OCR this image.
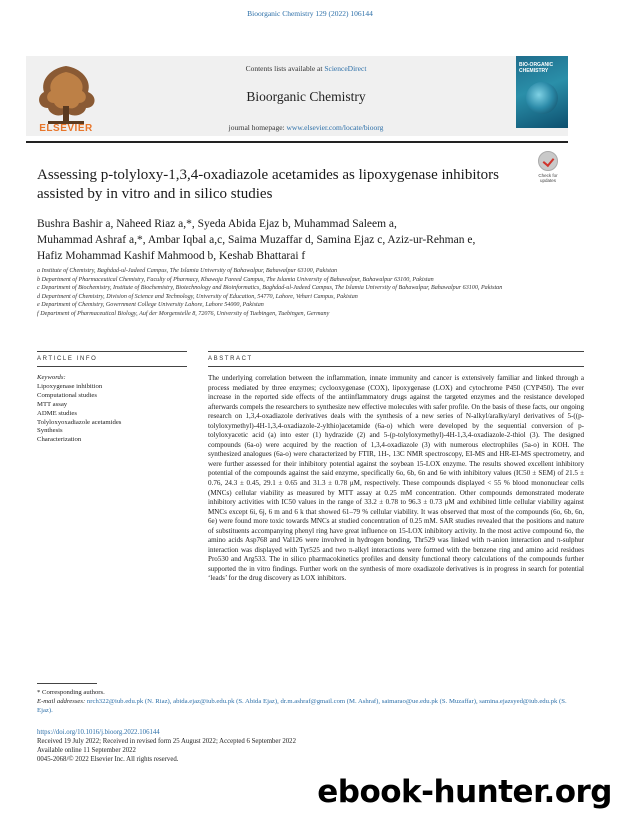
Bioorganic Chemistry 129 (2022) 106144
ELSEVIER
Contents lists available at ScienceDirect
Bioorganic Chemistry
journal homepage: www.elsevier.com/locate/bioorg
BIO-ORGANIC CHEMISTRY
Check for updates
Assessing p-tolyloxy-1,3,4-oxadiazole acetamides as lipoxygenase inhibitors assisted by in vitro and in silico studies
Bushra Bashir a, Naheed Riaz a,*, Syeda Abida Ejaz b, Muhammad Saleem a,
Muhammad Ashraf a,*, Ambar Iqbal a,c, Saima Muzaffar d, Samina Ejaz c, Aziz-ur-Rehman e,
Hafiz Mohammad Kashif Mahmood b, Keshab Bhattarai f
a Institute of Chemistry, Baghdad-ul-Jadeed Campus, The Islamia University of Bahawalpur, Bahawalpur 63100, Pakistan
b Department of Pharmaceutical Chemistry, Faculty of Pharmacy, Khawaja Fareed Campus, The Islamia University of Bahawalpur, Bahawalpur 63100, Pakistan
c Department of Biochemistry, Institute of Biochemistry, Biotechnology and Bioinformatics, Baghdad-ul-Jadeed Campus, The Islamia University of Bahawalpur, Bahawalpur 63100, Pakistan
d Department of Chemistry, Division of Science and Technology, University of Education, 54770, Lahore, Vehari Campus, Pakistan
e Department of Chemistry, Government College University Lahore, Lahore 54000, Pakistan
f Department of Pharmaceutical Biology, Auf der Morgenstelle 8, 72076, University of Tuebingen, Tuebingen, Germany
ARTICLE INFO	ABSTRACT
Keywords:
Lipoxygenase inhibition
Computational studies
MTT assay
ADME studies
Tolyloxyoxadiazole acetamides
Synthesis
Characterization
The underlying correlation between the inflammation, innate immunity and cancer is extensively familiar and linked through a process mediated by three enzymes; cyclooxygenase (COX), lipoxygenase (LOX) and cytochrome P450 (CYP450). The ever increase in the reported side effects of the antiinflammatory drugs against the targeted enzymes and the resistance developed afterwards compels the researchers to synthesize new effective molecules with safer profile. On the basis of these facts, our ongoing research on 1,3,4-oxadiazole derivatives deals with the synthesis of a new series of N-alkyl/aralky/aryl derivatives of 5-((p-tolyloxymethyl)-4H-1,3,4-oxadiazole-2-ylthio)acetamide (6a-o) which were developed by the sequential conversion of p-tolyloxyacetic acid (a) into ester (1) hydrazide (2) and 5-(p-tolyloxymethyl)-4H-1,3,4-oxadiazole-2-thiol (3). The designed compounds (6a-o) were acquired by the reaction of 1,3,4-oxadiazole (3) with numerous electrophiles (5a-o) in KOH. The synthesized analogues (6a-o) were characterized by FTIR, 1H-, 13C NMR spectroscopy, EI-MS and HR-EI-MS spectrometry, and were further assessed for their inhibitory potential against the soybean 15-LOX enzyme. The results showed excellent inhibitory potential of the compounds against the said enzyme, specifically 6o, 6b, 6n and 6e with inhibitory values (IC50 ± SEM) of 21.5 ± 0.76, 24.3 ± 0.45, 29.1 ± 0.65 and 31.3 ± 0.78 μM, respectively. These compounds displayed < 55 % blood mononuclear cells (MNCs) cellular viability as measured by MTT assay at 0.25 mM concentration. Other compounds demonstrated moderate inhibitory activities with IC50 values in the range of 33.2 ± 0.78 to 96.3 ± 0.73 μM and exhibited little cellular viability against MNCs except 6i, 6j, 6 m and 6 k that showed 61–79 % cellular viability. It was observed that most of the compounds (6o, 6b, 6n, 6e) were found more toxic towards MNCs at studied concentration of 0.25 mM. SAR studies revealed that the positions and nature of substituents accompanying phenyl ring have great influence on 15-LOX inhibitory activity. In the most active compound 6o, the amino acids Asp768 and Val126 were involved in hydrogen bonding, Thr529 was linked with π-anion interaction and π-sulphur interaction was displayed with Tyr525 and two π-alkyl interactions were formed with the benzene ring and amino acid residues Pro530 and Arg533. The in silico pharmacokinetics profiles and density functional theory calculations of the compounds further supported the in vitro findings. Further work on the synthesis of more oxadiazole derivatives is in progress in search for potential ‘leads’ for the drug discovery as LOX inhibitors.
* Corresponding authors.
E-mail addresses: nrch322@iub.edu.pk (N. Riaz), abida.ejaz@iub.edu.pk (S. Abida Ejaz), dr.m.ashraf@gmail.com (M. Ashraf), saimarao@ue.edu.pk (S. Muzaffar), samina.ejazsyed@iub.edu.pk (S. Ejaz).
https://doi.org/10.1016/j.bioorg.2022.106144
Received 19 July 2022; Received in revised form 25 August 2022; Accepted 6 September 2022
Available online 11 September 2022
0045-2068/© 2022 Elsevier Inc. All rights reserved.
ebook-hunter.org
